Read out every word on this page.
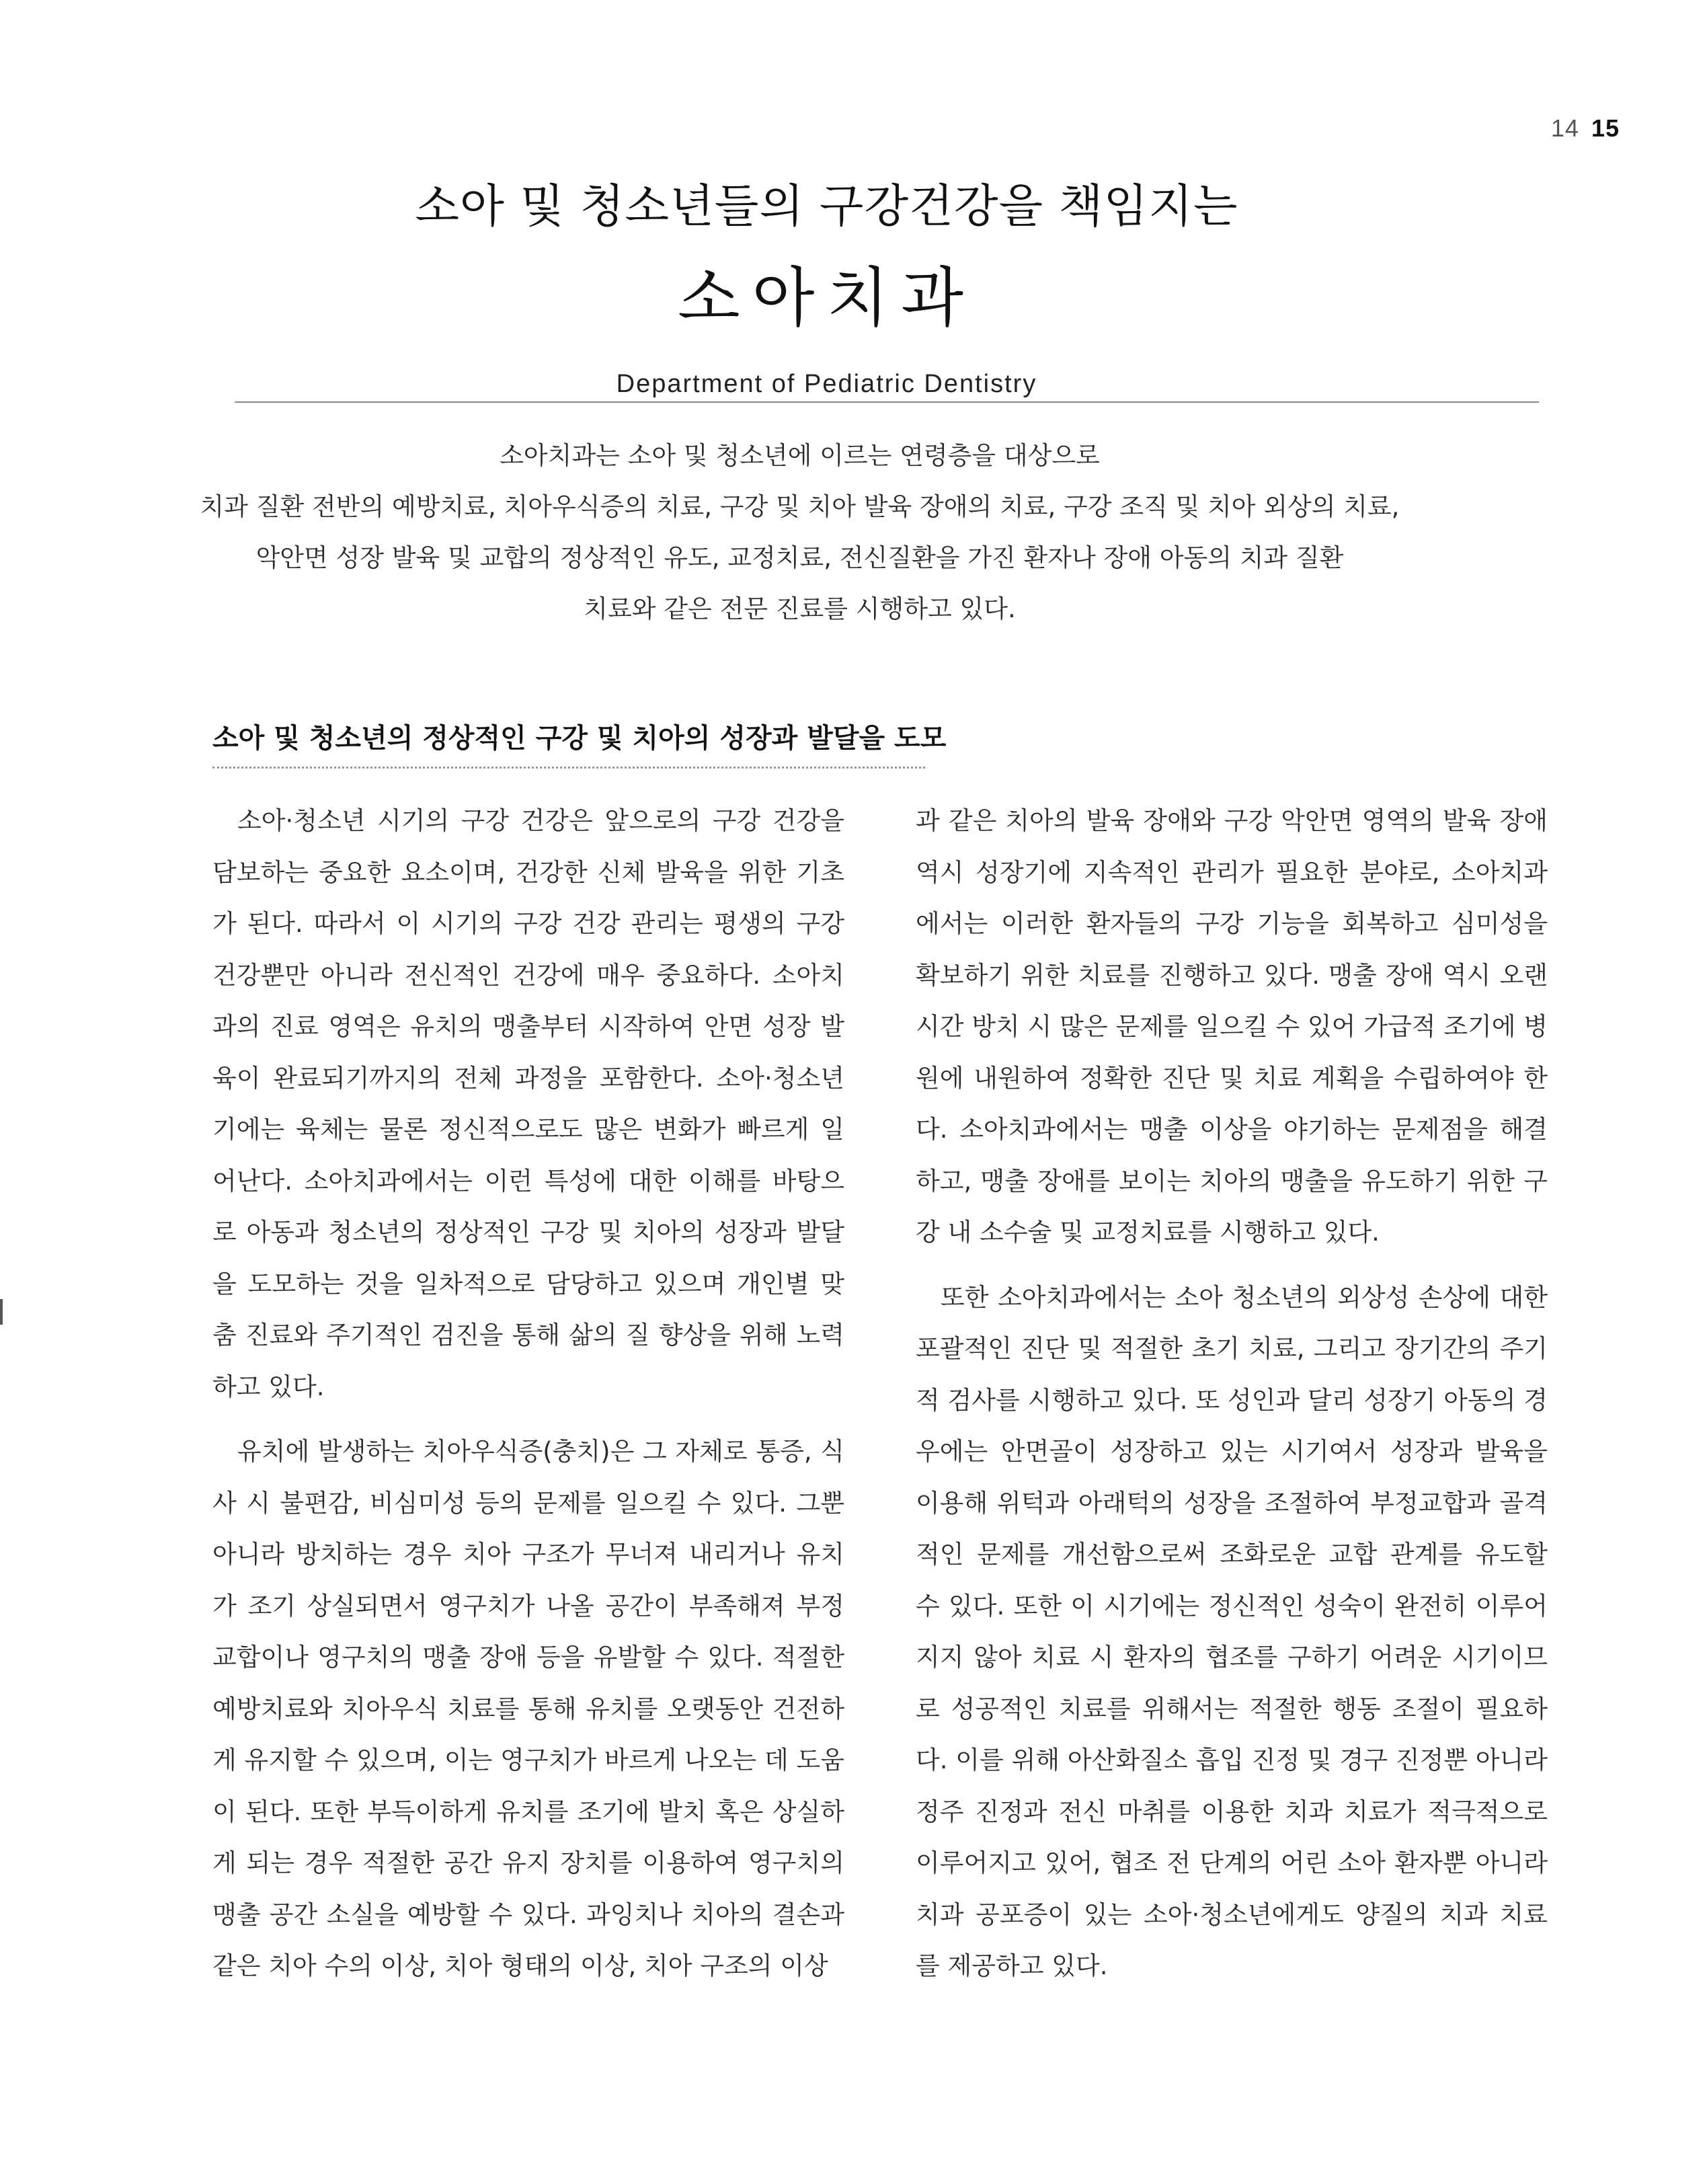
14 15
소아 및 청소년들의 구강건강을 책임지는
소아치과
Department of Pediatric Dentistry

소아치과는 소아 및 청소년에 이르는 연령층을 대상으로

치과 질환 전반의 예방치료, 치아우식증의 치료, 구강 및 치아 발육 장애의 치료, 구강 조직 및 치아 외상의 치료,

악안면 성장 발육 및 교합의 정상적인 유도, 교정치료, 전신질환을 가진 환자나 장애 아동의 치과 질환

치료와 같은 전문 진료를 시행하고 있다.

소아 및 청소년의 정상적인 구강 및 치아의 성장과 발달을 도모

소아·청소년 시기의 구강 건강은 앞으로의 구강 건강을 담보하는 중요한 요소이며, 건강한 신체 발육을 위한 기초가 된다. 따라서 이 시기의 구강 건강 관리는 평생의 구강 건강뿐만 아니라 전신적인 건강에 매우 중요하다. 소아치과의 진료 영역은 유치의 맹출부터 시작하여 안면 성장 발육이 완료되기까지의 전체 과정을 포함한다. 소아·청소년기에는 육체는 물론 정신적으로도 많은 변화가 빠르게 일어난다. 소아치과에서는 이런 특성에 대한 이해를 바탕으로 아동과 청소년의 정상적인 구강 및 치아의 성장과 발달을 도모하는 것을 일차적으로 담당하고 있으며 개인별 맞춤 진료와 주기적인 검진을 통해 삶의 질 향상을 위해 노력하고 있다.

유치에 발생하는 치아우식증(충치)은 그 자체로 통증, 식사 시 불편감, 비심미성 등의 문제를 일으킬 수 있다. 그뿐 아니라 방치하는 경우 치아 구조가 무너져 내리거나 유치가 조기 상실되면서 영구치가 나올 공간이 부족해져 부정교합이나 영구치의 맹출 장애 등을 유발할 수 있다. 적절한 예방치료와 치아우식 치료를 통해 유치를 오랫동안 건전하게 유지할 수 있으며, 이는 영구치가 바르게 나오는 데 도움이 된다. 또한 부득이하게 유치를 조기에 발치 혹은 상실하게 되는 경우 적절한 공간 유지 장치를 이용하여 영구치의 맹출 공간 소실을 예방할 수 있다. 과잉치나 치아의 결손과 같은 치아 수의 이상, 치아 형태의 이상, 치아 구조의 이상

과 같은 치아의 발육 장애와 구강 악안면 영역의 발육 장애 역시 성장기에 지속적인 관리가 필요한 분야로, 소아치과에서는 이러한 환자들의 구강 기능을 회복하고 심미성을 확보하기 위한 치료를 진행하고 있다. 맹출 장애 역시 오랜 시간 방치 시 많은 문제를 일으킬 수 있어 가급적 조기에 병원에 내원하여 정확한 진단 및 치료 계획을 수립하여야 한다. 소아치과에서는 맹출 이상을 야기하는 문제점을 해결하고, 맹출 장애를 보이는 치아의 맹출을 유도하기 위한 구강 내 소수술 및 교정치료를 시행하고 있다.

또한 소아치과에서는 소아 청소년의 외상성 손상에 대한 포괄적인 진단 및 적절한 초기 치료, 그리고 장기간의 주기적 검사를 시행하고 있다. 또 성인과 달리 성장기 아동의 경우에는 안면골이 성장하고 있는 시기여서 성장과 발육을 이용해 위턱과 아래턱의 성장을 조절하여 부정교합과 골격적인 문제를 개선함으로써 조화로운 교합 관계를 유도할 수 있다. 또한 이 시기에는 정신적인 성숙이 완전히 이루어지지 않아 치료 시 환자의 협조를 구하기 어려운 시기이므로 성공적인 치료를 위해서는 적절한 행동 조절이 필요하다. 이를 위해 아산화질소 흡입 진정 및 경구 진정뿐 아니라 정주 진정과 전신 마취를 이용한 치과 치료가 적극적으로 이루어지고 있어, 협조 전 단계의 어린 소아 환자뿐 아니라 치과 공포증이 있는 소아·청소년에게도 양질의 치과 치료를 제공하고 있다.
